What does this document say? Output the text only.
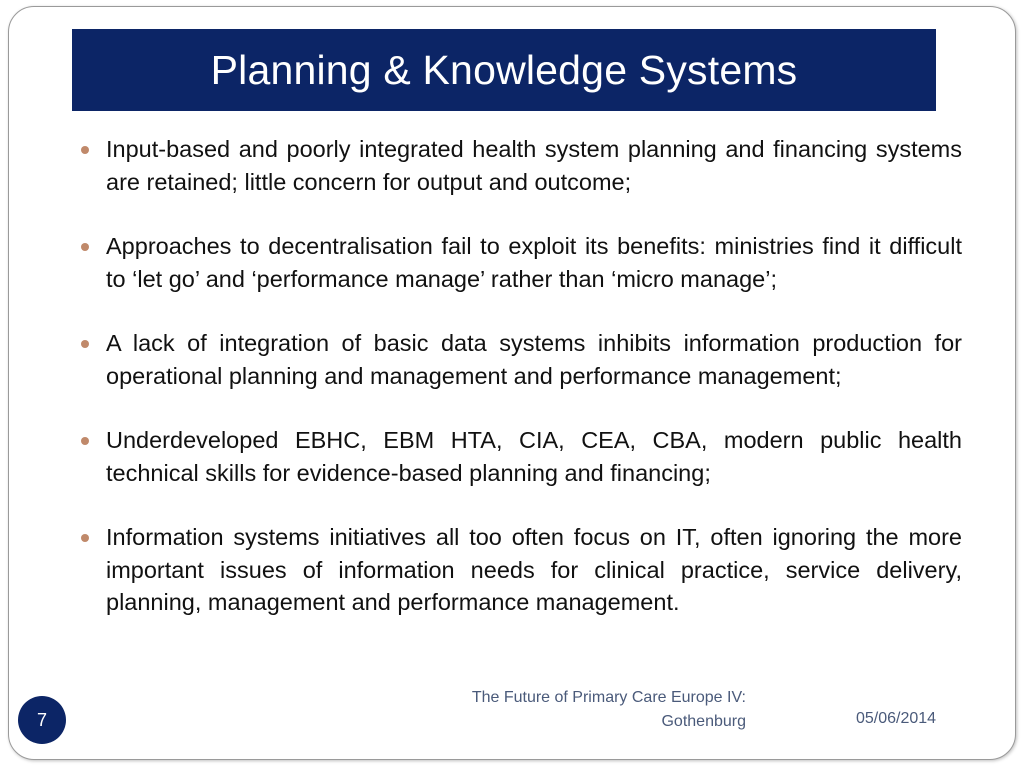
Planning & Knowledge Systems
Input-based and poorly integrated health system planning and financing systems are retained; little concern for output and outcome;
Approaches to decentralisation fail to exploit its benefits: ministries find it difficult to ‘let go’ and ‘performance manage’ rather than ‘micro manage’;
A lack of integration of basic data systems inhibits information production for operational planning and management and performance management;
Underdeveloped EBHC, EBM HTA, CIA, CEA, CBA, modern public health technical skills for evidence-based planning and financing;
Information systems initiatives all too often focus on IT, often ignoring the more important issues of information needs for clinical practice, service delivery, planning, management and performance management.
The Future of Primary Care Europe IV:
Gothenburg	05/06/2014
7
